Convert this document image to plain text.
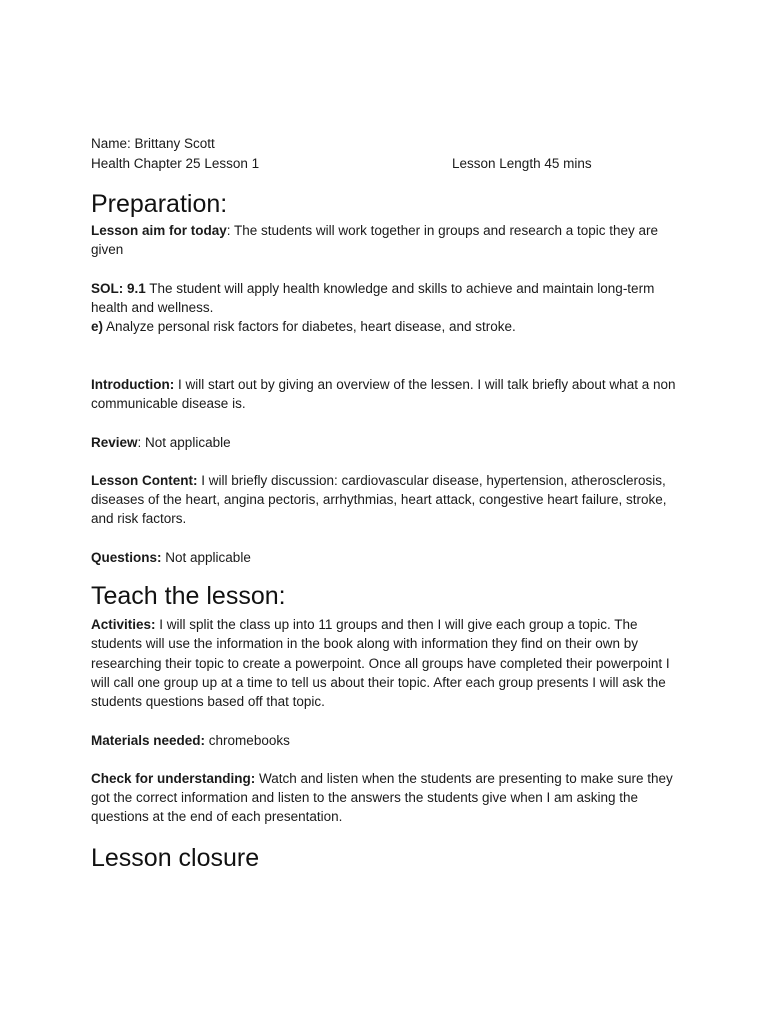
Name: Brittany Scott

Health Chapter 25 Lesson 1	Lesson Length 45 mins
Preparation:

Lesson aim for today: The students will work together in groups and research a topic they are given

SOL: 9.1 The student will apply health knowledge and skills to achieve and maintain long-term health and wellness.

e) Analyze personal risk factors for diabetes, heart disease, and stroke.

Introduction: I will start out by giving an overview of the lessen. I will talk briefly about what a non communicable disease is.

Review: Not applicable

Lesson Content: I will briefly discussion: cardiovascular disease, hypertension, atherosclerosis, diseases of the heart, angina pectoris, arrhythmias, heart attack, congestive heart failure, stroke, and risk factors.

Questions: Not applicable

Teach the lesson:

Activities: I will split the class up into 11 groups and then I will give each group a topic. The students will use the information in the book along with information they find on their own by researching their topic to create a powerpoint. Once all groups have completed their powerpoint I will call one group up at a time to tell us about their topic. After each group presents I will ask the students questions based off that topic.

Materials needed: chromebooks

Check for understanding: Watch and listen when the students are presenting to make sure they got the correct information and listen to the answers the students give when I am asking the questions at the end of each presentation.

Lesson closure
